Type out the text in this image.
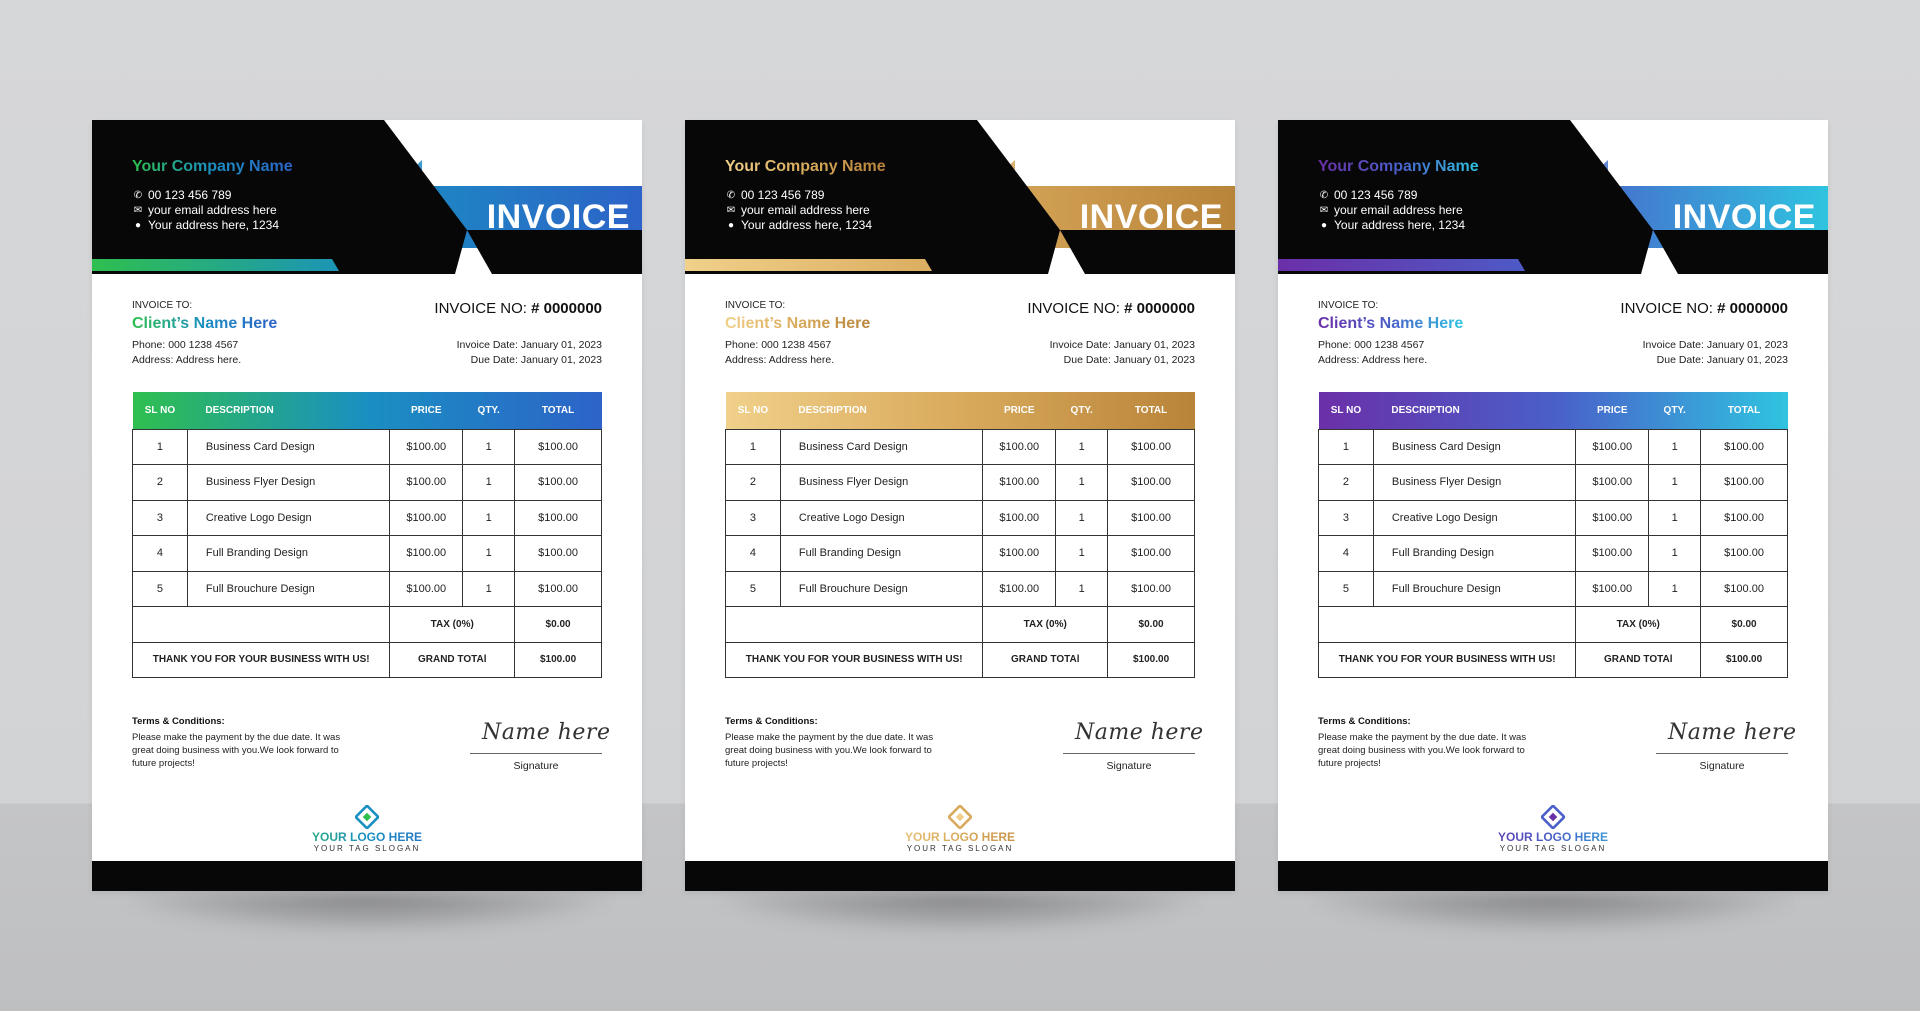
INVOICE
Your Company Name
✆ 00 123 456 789
✉ your email address here
● Your address here, 1234
INVOICE TO:
Client’s Name Here
Phone: 000 1238 4567
Address: Address here.
INVOICE NO: # 0000000
Invoice Date: January 01, 2023
Due Date: January 01, 2023
SL NO	DESCRIPTION	PRICE	QTY.	TOTAL
1	Business Card Design	$100.00	1	$100.00
2	Business Flyer Design	$100.00	1	$100.00
3	Creative Logo Design	$100.00	1	$100.00
4	Full Branding Design	$100.00	1	$100.00
5	Full Brouchure Design	$100.00	1	$100.00
		TAX (0%)		$0.00
THANK YOU FOR YOUR BUSINESS WITH US!		GRAND TOTAl		$100.00
Terms & Conditions:
Please make the payment by the due date. It was great doing business with you.We look forward to future projects!
Name here
Signature
YOUR LOGO HERE
YOUR TAG SLOGAN
INVOICE
Your Company Name
✆ 00 123 456 789
✉ your email address here
● Your address here, 1234
INVOICE TO:
Client’s Name Here
Phone: 000 1238 4567
Address: Address here.
INVOICE NO: # 0000000
Invoice Date: January 01, 2023
Due Date: January 01, 2023
SL NO	DESCRIPTION	PRICE	QTY.	TOTAL
1	Business Card Design	$100.00	1	$100.00
2	Business Flyer Design	$100.00	1	$100.00
3	Creative Logo Design	$100.00	1	$100.00
4	Full Branding Design	$100.00	1	$100.00
5	Full Brouchure Design	$100.00	1	$100.00
		TAX (0%)		$0.00
THANK YOU FOR YOUR BUSINESS WITH US!		GRAND TOTAl		$100.00
Terms & Conditions:
Please make the payment by the due date. It was great doing business with you.We look forward to future projects!
Name here
Signature
YOUR LOGO HERE
YOUR TAG SLOGAN
INVOICE
Your Company Name
✆ 00 123 456 789
✉ your email address here
● Your address here, 1234
INVOICE TO:
Client’s Name Here
Phone: 000 1238 4567
Address: Address here.
INVOICE NO: # 0000000
Invoice Date: January 01, 2023
Due Date: January 01, 2023
SL NO	DESCRIPTION	PRICE	QTY.	TOTAL
1	Business Card Design	$100.00	1	$100.00
2	Business Flyer Design	$100.00	1	$100.00
3	Creative Logo Design	$100.00	1	$100.00
4	Full Branding Design	$100.00	1	$100.00
5	Full Brouchure Design	$100.00	1	$100.00
		TAX (0%)		$0.00
THANK YOU FOR YOUR BUSINESS WITH US!		GRAND TOTAl		$100.00
Terms & Conditions:
Please make the payment by the due date. It was great doing business with you.We look forward to future projects!
Name here
Signature
YOUR LOGO HERE
YOUR TAG SLOGAN
